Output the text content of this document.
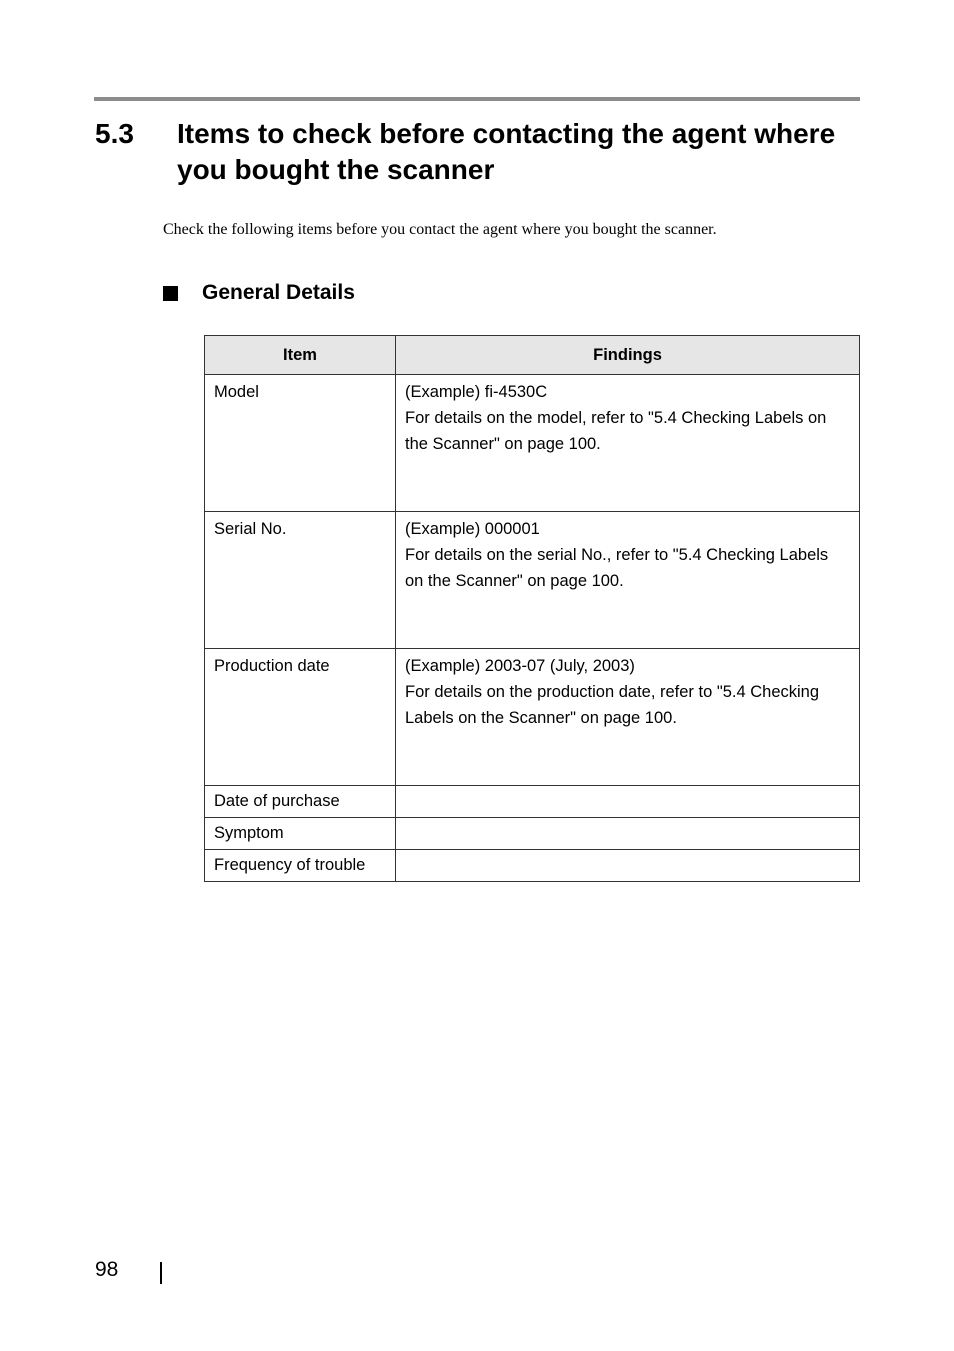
5.3 Items to check before contacting the agent where you bought the scanner

Check the following items before you contact the agent where you bought the scanner.

General Details
Item	Findings
Model	(Example) fi-4530C
For details on the model, refer to "5.4 Checking Labels on the Scanner" on page 100.

Serial No.	(Example) 000001
For details on the serial No., refer to "5.4 Checking Labels on the Scanner" on page 100.

Production date	(Example) 2003-07 (July, 2003)
For details on the production date, refer to "5.4 Checking Labels on the Scanner" on page 100.

Date of purchase	
Symptom	
Frequency of trouble	

98
